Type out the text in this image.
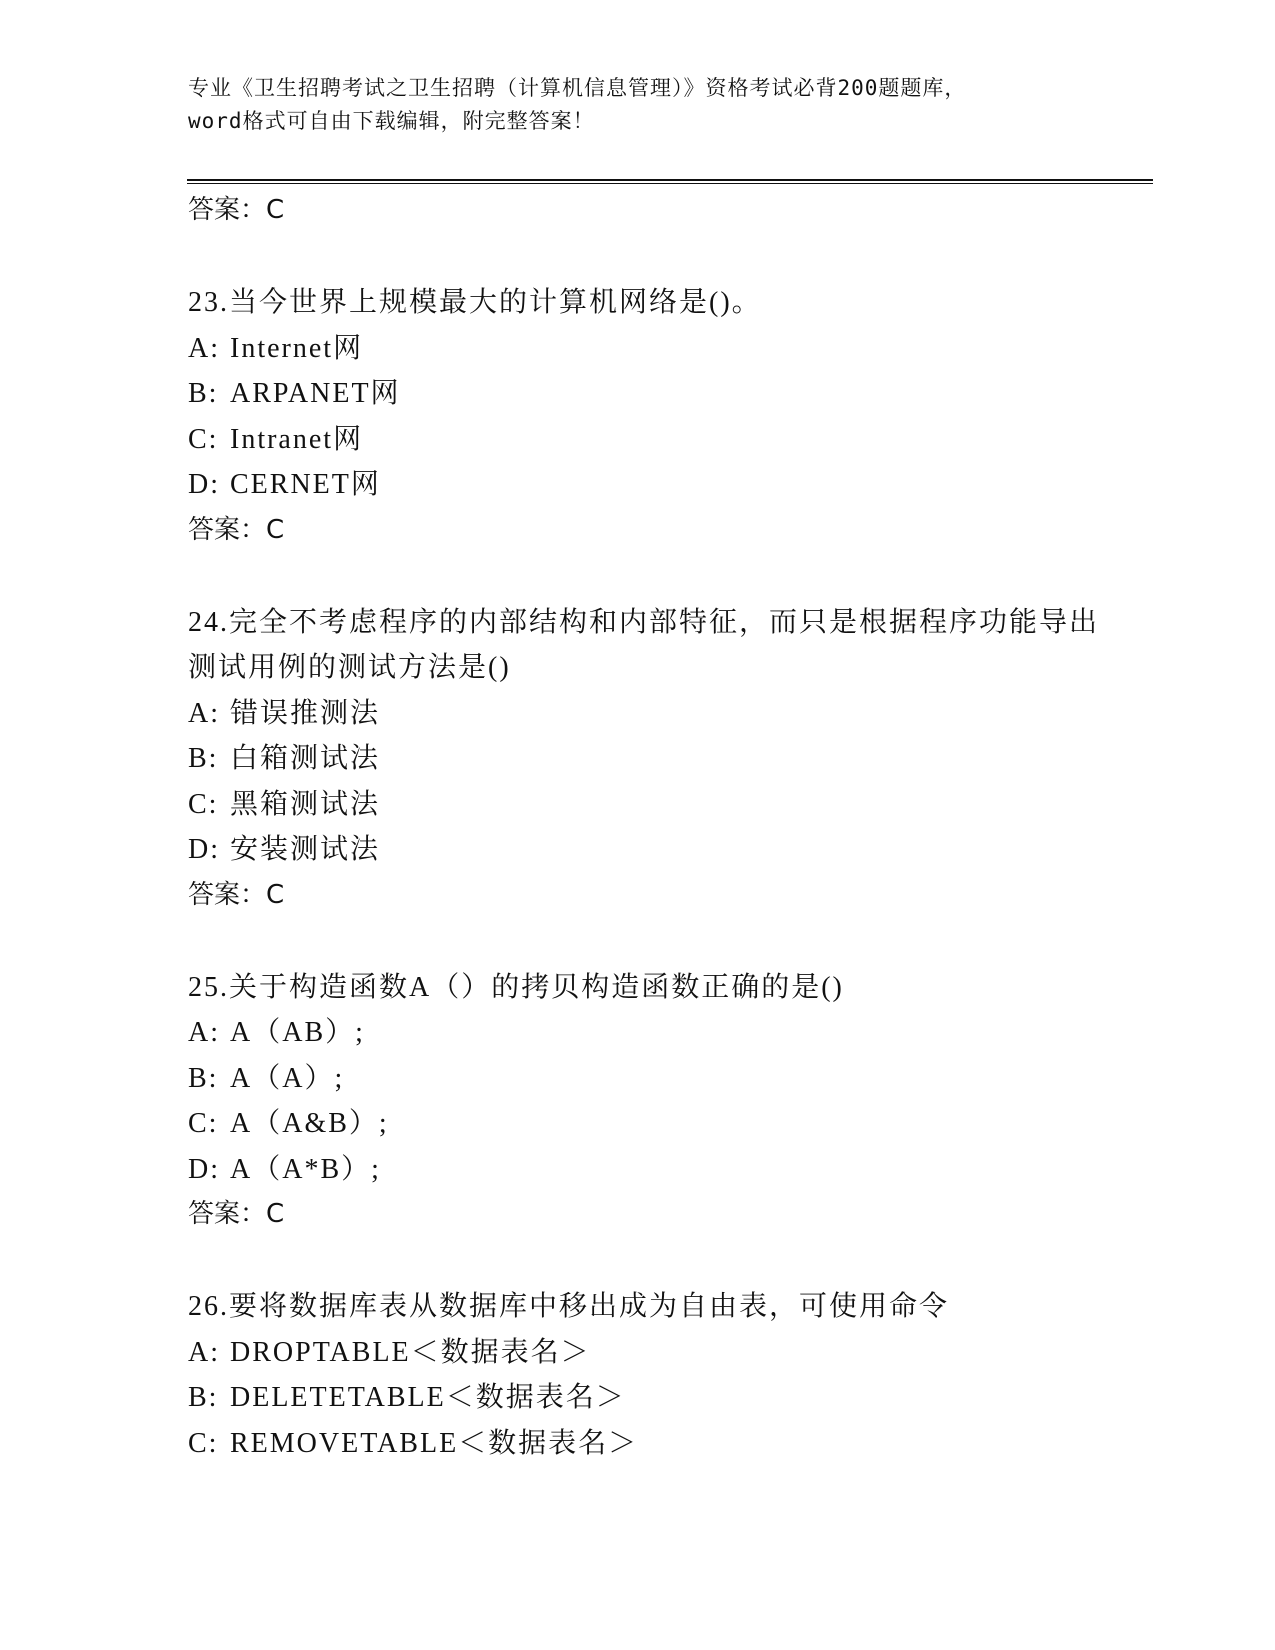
专业《卫生招聘考试之卫生招聘（计算机信息管理）》资格考试必背200题题库，
word格式可自由下载编辑，附完整答案！
答案：C
23.当今世界上规模最大的计算机网络是()。
A: Internet网
B: ARPANET网
C: Intranet网
D: CERNET网
答案：C
24.完全不考虑程序的内部结构和内部特征，而只是根据程序功能导出
测试用例的测试方法是()
A: 错误推测法
B: 白箱测试法
C: 黑箱测试法
D: 安装测试法
答案：C
25.关于构造函数A（）的拷贝构造函数正确的是()
A: A（AB）;
B: A（A）;
C: A（A&B）;
D: A（A*B）;
答案：C
26.要将数据库表从数据库中移出成为自由表，可使用命令
A: DROPTABLE＜数据表名＞
B: DELETETABLE＜数据表名＞
C: REMOVETABLE＜数据表名＞
